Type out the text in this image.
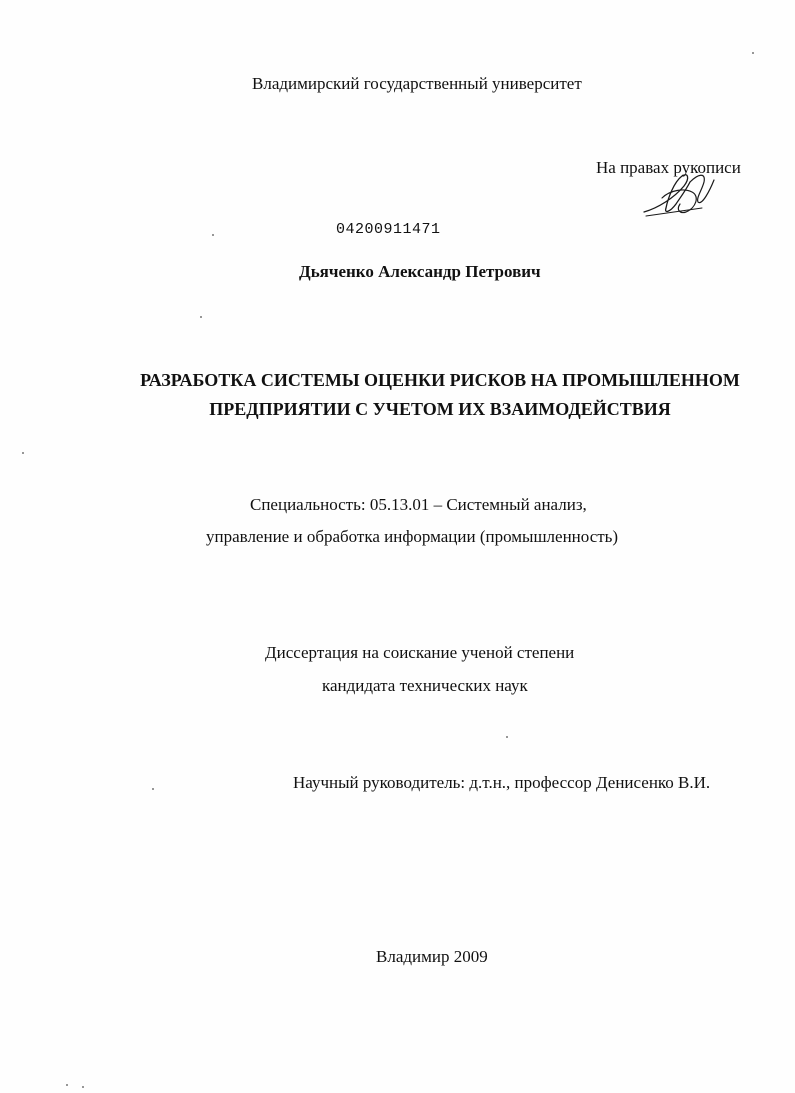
Владимирский государственный университет
На правах рукописи
04200911471
Дьяченко Александр Петрович
РАЗРАБОТКА СИСТЕМЫ ОЦЕНКИ РИСКОВ НА ПРОМЫШЛЕННОМ
ПРЕДПРИЯТИИ С УЧЕТОМ ИХ ВЗАИМОДЕЙСТВИЯ
Специальность: 05.13.01 – Системный анализ,
управление и обработка информации (промышленность)
Диссертация на соискание ученой степени
кандидата технических наук
Научный руководитель: д.т.н., профессор Денисенко В.И.
Владимир 2009
